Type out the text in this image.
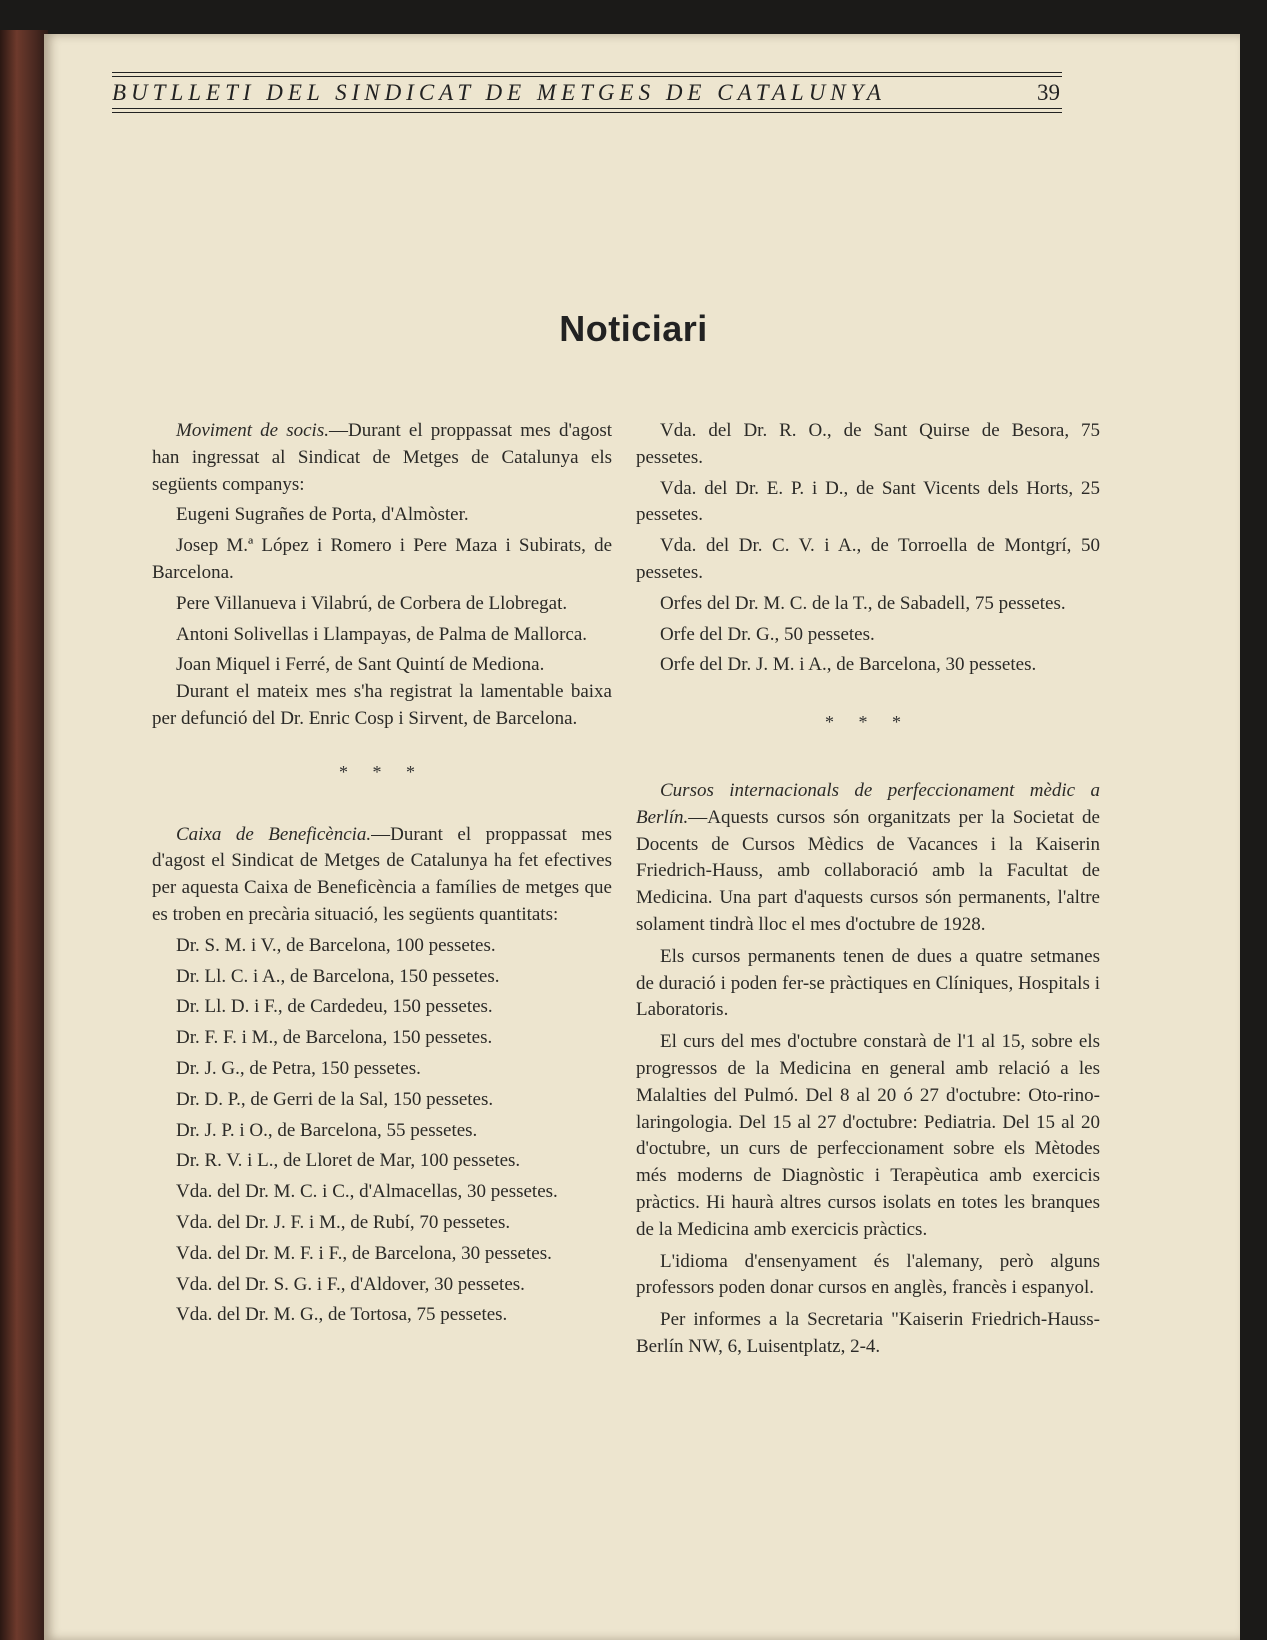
BUTLLETI DEL SINDICAT DE METGES DE CATALUNYA	39
Noticiari

Moviment de socis.—Durant el proppassat mes d'agost han ingressat al Sindicat de Metges de Catalunya els següents companys:

Eugeni Sugrañes de Porta, d'Almòster.

Josep M.ª López i Romero i Pere Maza i Subirats, de Barcelona.

Pere Villanueva i Vilabrú, de Corbera de Llobregat.

Antoni Solivellas i Llampayas, de Palma de Mallorca.

Joan Miquel i Ferré, de Sant Quintí de Mediona.

Durant el mateix mes s'ha registrat la lamentable baixa per defunció del Dr. Enric Cosp i Sirvent, de Barcelona.

* * *

Caixa de Beneficència.—Durant el proppassat mes d'agost el Sindicat de Metges de Catalunya ha fet efectives per aquesta Caixa de Beneficència a famílies de metges que es troben en precària situació, les següents quantitats:

Dr. S. M. i V., de Barcelona, 100 pessetes.

Dr. Ll. C. i A., de Barcelona, 150 pessetes.

Dr. Ll. D. i F., de Cardedeu, 150 pessetes.

Dr. F. F. i M., de Barcelona, 150 pessetes.

Dr. J. G., de Petra, 150 pessetes.

Dr. D. P., de Gerri de la Sal, 150 pessetes.

Dr. J. P. i O., de Barcelona, 55 pessetes.

Dr. R. V. i L., de Lloret de Mar, 100 pessetes.

Vda. del Dr. M. C. i C., d'Almacellas, 30 pessetes.

Vda. del Dr. J. F. i M., de Rubí, 70 pessetes.

Vda. del Dr. M. F. i F., de Barcelona, 30 pessetes.

Vda. del Dr. S. G. i F., d'Aldover, 30 pessetes.

Vda. del Dr. M. G., de Tortosa, 75 pessetes.

Vda. del Dr. R. O., de Sant Quirse de Besora, 75 pessetes.

Vda. del Dr. E. P. i D., de Sant Vicents dels Horts, 25 pessetes.

Vda. del Dr. C. V. i A., de Torroella de Montgrí, 50 pessetes.

Orfes del Dr. M. C. de la T., de Sabadell, 75 pessetes.

Orfe del Dr. G., 50 pessetes.

Orfe del Dr. J. M. i A., de Barcelona, 30 pessetes.

* * *

Cursos internacionals de perfeccionament mèdic a Berlín.—Aquests cursos són organitzats per la Societat de Docents de Cursos Mèdics de Vacances i la Kaiserin Friedrich-Hauss, amb collaboració amb la Facultat de Medicina. Una part d'aquests cursos són permanents, l'altre solament tindrà lloc el mes d'octubre de 1928.

Els cursos permanents tenen de dues a quatre setmanes de duració i poden fer-se pràctiques en Clíniques, Hospitals i Laboratoris.

El curs del mes d'octubre constarà de l'1 al 15, sobre els progressos de la Medicina en general amb relació a les Malalties del Pulmó. Del 8 al 20 ó 27 d'octubre: Oto-rino-laringologia. Del 15 al 27 d'octubre: Pediatria. Del 15 al 20 d'octubre, un curs de perfeccionament sobre els Mètodes més moderns de Diagnòstic i Terapèutica amb exercicis pràctics. Hi haurà altres cursos isolats en totes les branques de la Medicina amb exercicis pràctics.

L'idioma d'ensenyament és l'alemany, però alguns professors poden donar cursos en anglès, francès i espanyol.

Per informes a la Secretaria "Kaiserin Friedrich-Hauss-Berlín NW, 6, Luisentplatz, 2-4.
